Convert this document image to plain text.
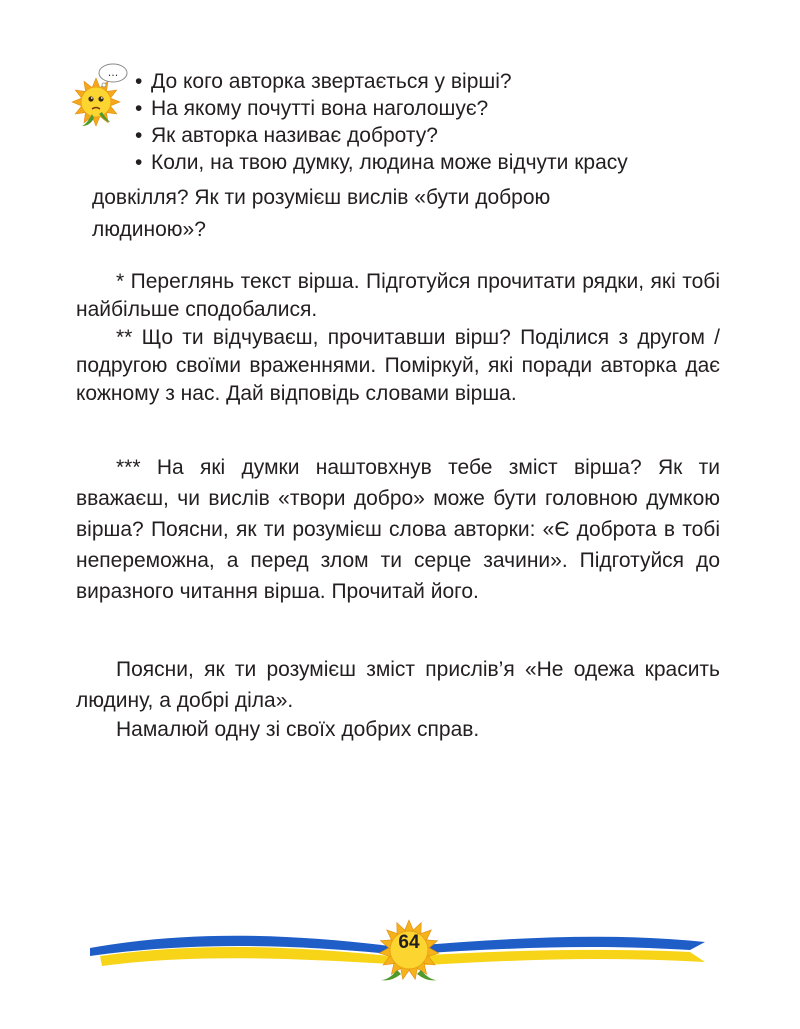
... • До кого авторка звертається у вірші?
• На якому почутті вона наголошує?
• Як авторка називає доброту?
• Коли, на твою думку, людина може відчути красу
довкілля? Як ти розумієш вислів «бути доброю
людиною»?

* Переглянь текст вірша. Підготуйся прочитати рядки, які тобі найбільше сподобалися.

** Що ти відчуваєш, прочитавши вірш? Поділися з другом / подругою своїми враженнями. Поміркуй, які поради авторка дає кожному з нас. Дай відповідь словами вірша.

*** На які думки наштовхнув тебе зміст вірша? Як ти вважаєш, чи вислів «твори добро» може бути головною думкою вірша? Поясни, як ти розумієш слова авторки: «Є доброта в тобі непереможна, а перед злом ти серце зачини». Підготуйся до виразного читання вірша. Прочитай його.

Поясни, як ти розумієш зміст прислів’я «Не одежа красить людину, а добрі діла».

Намалюй одну зі своїх добрих справ.

64
